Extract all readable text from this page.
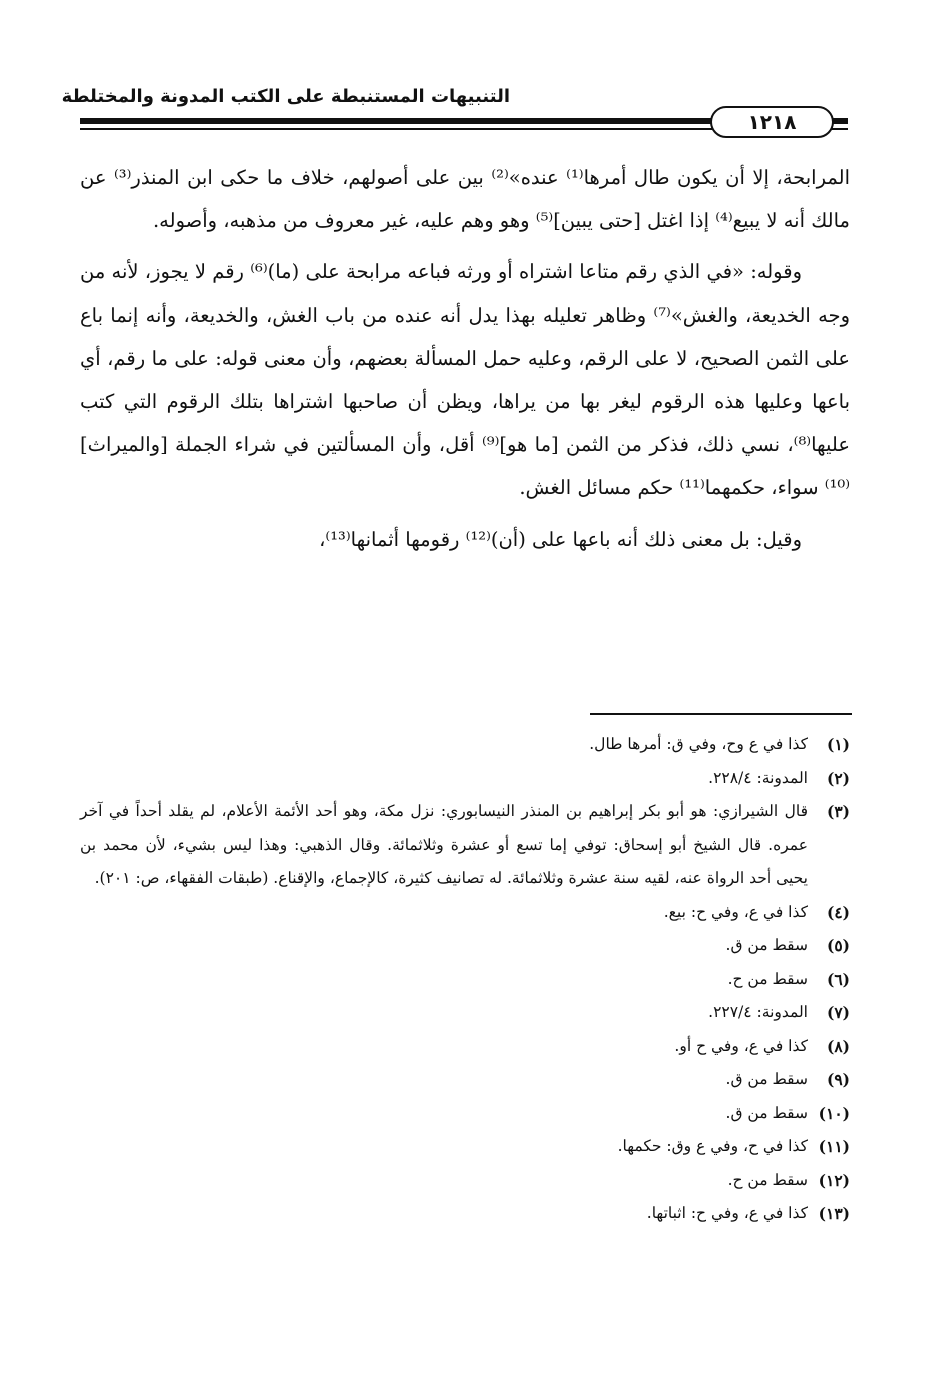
التنبيهات المستنبطة على الكتب المدونة والمختلطة
١٢١٨

المرابحة، إلا أن يكون طال أمرها⁽¹⁾ عنده»⁽²⁾ بين على أصولهم، خلاف ما حكى ابن المنذر⁽³⁾ عن مالك أنه لا يبيع⁽⁴⁾ إذا اغتل [حتى يبين]⁽⁵⁾ وهو وهم عليه، غير معروف من مذهبه، وأصوله.

وقوله: «في الذي رقم متاعا اشتراه أو ورثه فباعه مرابحة على (ما)⁽⁶⁾ رقم لا يجوز، لأنه من وجه الخديعة، والغش»⁽⁷⁾ وظاهر تعليله بهذا يدل أنه عنده من باب الغش، والخديعة، وأنه إنما باع على الثمن الصحيح، لا على الرقم، وعليه حمل المسألة بعضهم، وأن معنى قوله: على ما رقم، أي باعها وعليها هذه الرقوم ليغر بها من يراها، ويظن أن صاحبها اشتراها بتلك الرقوم التي كتب عليها⁽⁸⁾، نسي ذلك، فذكر من الثمن [ما هو]⁽⁹⁾ أقل، وأن المسألتين في شراء الجملة [والميراث]⁽¹⁰⁾ سواء، حكمهما⁽¹¹⁾ حكم مسائل الغش.

وقيل: بل معنى ذلك أنه باعها على (أن)⁽¹²⁾ رقومها أثمانها⁽¹³⁾،

(١)
كذا في ع وح، وفي ق: أمرها طال.
(٢)
المدونة: ٢٢٨/٤.
(٣)
قال الشيرازي: هو أبو بكر إبراهيم بن المنذر النيسابوري: نزل مكة، وهو أحد الأئمة الأعلام، لم يقلد أحداً في آخر عمره. قال الشيخ أبو إسحاق: توفي إما تسع أو عشرة وثلاثمائة. وقال الذهبي: وهذا ليس بشيء، لأن محمد بن يحيى أحد الرواة عنه، لقيه سنة عشرة وثلاثمائة. له تصانيف كثيرة، كالإجماع، والإقناع. (طبقات الفقهاء، ص: ٢٠١).
(٤)
كذا في ع، وفي ح: بيع.
(٥)
سقط من ق.
(٦)
سقط من ح.
(٧)
المدونة: ٢٢٧/٤.
(٨)
كذا في ع، وفي ح أو.
(٩)
سقط من ق.
(١٠)
سقط من ق.
(١١)
كذا في ح، وفي ع وق: حكمها.
(١٢)
سقط من ح.
(١٣)
كذا في ع، وفي ح: اثباتها.
